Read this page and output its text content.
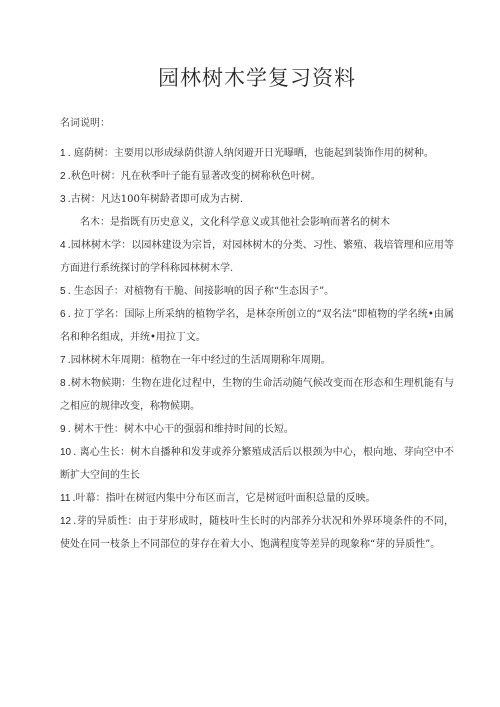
园林树木学复习资料

名词说明：

1 . 庭荫树：主要用以形成绿荫供游人纳闵避开日光曝晒，也能起到装饰作用的树种。

2 .秋色叶树：凡在秋季叶子能有显著改变的树称秋色叶树。

3 .古树：凡达100年树龄者即可成为古树.

名木：是指既有历史意义，文化科学意义或其他社会影响而著名的树木

4 .园林树木学：以园林建设为宗旨，对园林树木的分类、习性、繁殖、栽培管理和应用等方面进行系统探讨的学科称园林树木学.

5 . 生态因子：对植物有干脆、间接影响的因子称“生态因子”。

6 . 拉丁学名：国际上所采纳的植物学名，是林奈所创立的“双名法”即植物的学名统•由属名和种名组成，并统•用拉丁文。

7 .园林树木年周期：植物在一年中经过的生活周期称年周期。

8 .树木物候期：生物在进化过程中，生物的生命活动随气候改变而在形态和生理机能有与之相应的规律改变，称物候期。

9 . 树木干性：树木中心干的强弱和维持时间的长短。

10 . 离心生长：树木自播种和发芽或养分繁殖成活后以根颈为中心，根向地、芽向空中不断扩大空间的生长

11 .叶幕：指叶在树冠内集中分布区而言，它是树冠叶面积总量的反映。

12 .芽的异质性：由于芽形成时，随枝叶生长时的内部养分状况和外界环境条件的不同，使处在同一枝条上不同部位的芽存在着大小、饱满程度等差异的现象称“芽的异质性”。
